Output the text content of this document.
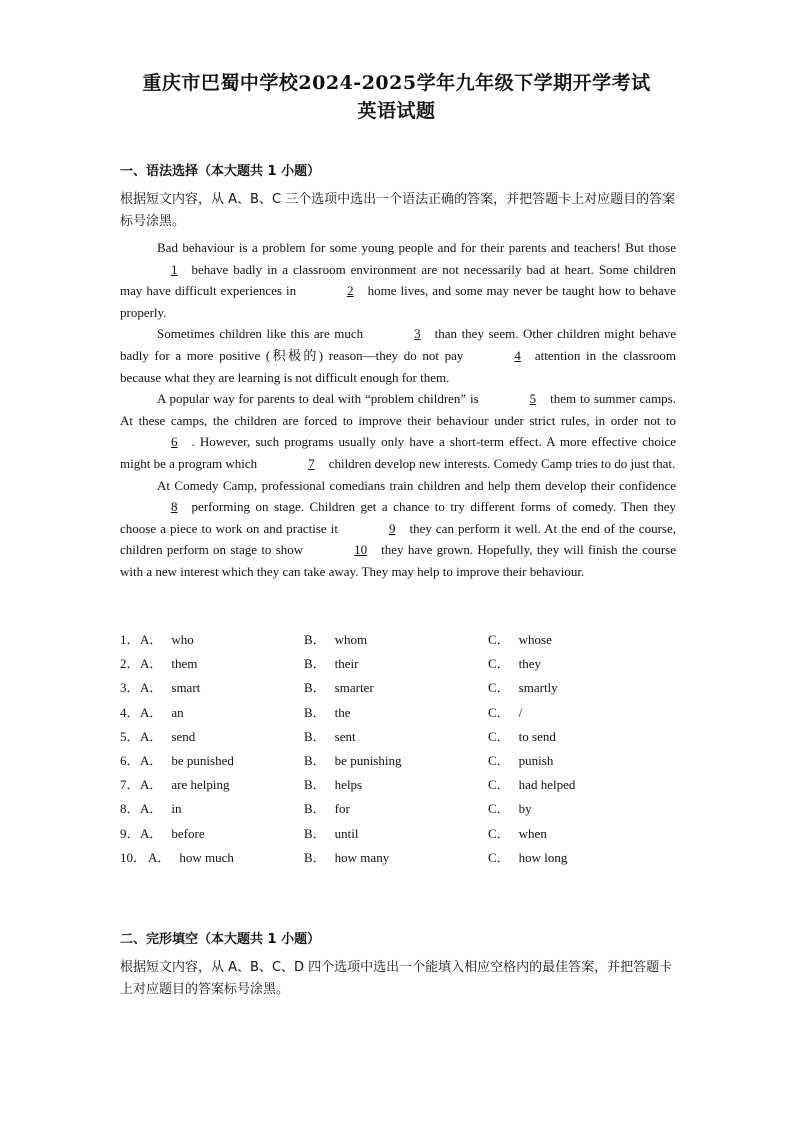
重庆市巴蜀中学校2024-2025学年九年级下学期开学考试
英语试题
一、语法选择（本大题共 1 小题）
根据短文内容，从 A、B、C 三个选项中选出一个语法正确的答案，并把答题卡上对应题目的答案标号涂黑。

Bad behaviour is a problem for some young people and for their parents and teachers! But those1 behave badly in a classroom environment are not necessarily bad at heart. Some children may have difficult experiences in	2 home lives, and some may never be taught how to behave properly.

Sometimes children like this are much	3 than they seem. Other children might behave badly for a more positive (积极的) reason—they do not pay	4 attention in the classroom because what they are learning is not difficult enough for them.

A popular way for parents to deal with “problem children” is	5 them to summer camps. At these camps, the children are forced to improve their behaviour under strict rules, in order not to6 . However, such programs usually only have a short-term effect. A more effective choice might be a program which	7 children develop new interests. Comedy Camp tries to do just that.

At Comedy Camp, professional comedians train children and help them develop their confidence8 performing on stage. Children get a chance to try different forms of comedy. Then they choose a piece to work on and practise it	9 they can perform it well. At the end of the course, children perform on stage to show	10 they have grown. Hopefully, they will finish the course with a new interest which they can take away. They may help to improve their behaviour.

1． A． who	B． whom	C． whose
2． A． them	B． their	C． they
3． A． smart	B． smarter	C． smartly
4． A． an	B． the	C． /
5． A． send	B． sent	C． to send
6． A． be punished	B． be punishing	C． punish
7． A． are helping	B． helps	C． had helped
8． A． in	B． for	C． by
9． A． before	B． until	C． when
10． A． how much	B． how many	C． how long
二、完形填空（本大题共 1 小题）
根据短文内容，从 A、B、C、D 四个选项中选出一个能填入相应空格内的最佳答案，并把答题卡上对应题目的答案标号涂黑。
